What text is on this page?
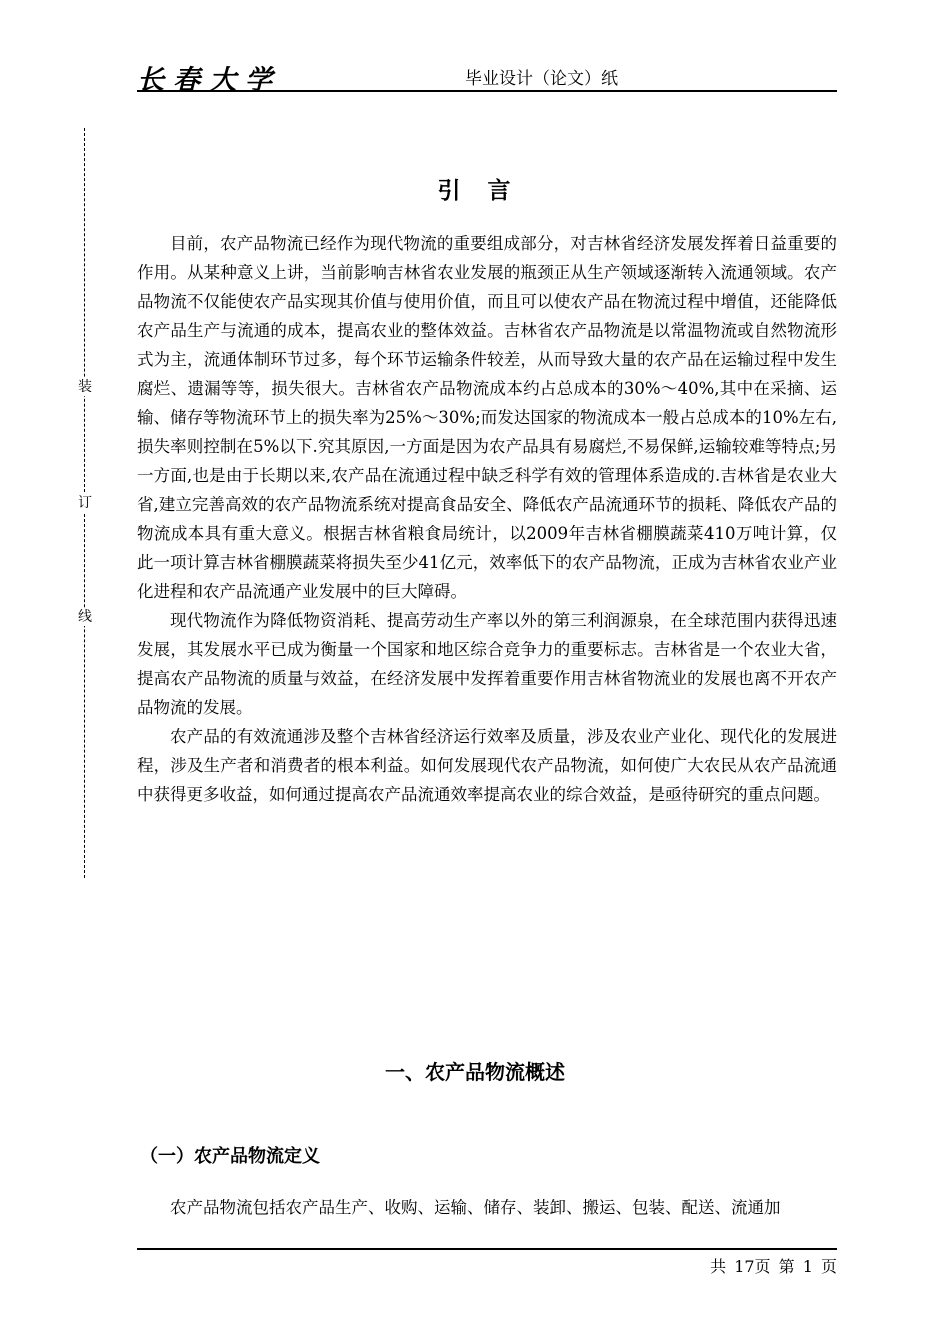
长春大学	毕业设计（论文）纸
装
订
线
引　言

目前，农产品物流已经作为现代物流的重要组成部分，对吉林省经济发展发挥着日益重要的作用。从某种意义上讲，当前影响吉林省农业发展的瓶颈正从生产领域逐渐转入流通领域。农产品物流不仅能使农产品实现其价值与使用价值，而且可以使农产品在物流过程中增值，还能降低农产品生产与流通的成本，提高农业的整体效益。吉林省农产品物流是以常温物流或自然物流形式为主，流通体制环节过多，每个环节运输条件较差，从而导致大量的农产品在运输过程中发生腐烂、遗漏等等，损失很大。吉林省农产品物流成本约占总成本的30%～40%,其中在采摘、运输、储存等物流环节上的损失率为25%～30%;而发达国家的物流成本一般占总成本的10%左右,损失率则控制在5%以下.究其原因,一方面是因为农产品具有易腐烂,不易保鲜,运输较难等特点;另一方面,也是由于长期以来,农产品在流通过程中缺乏科学有效的管理体系造成的.吉林省是农业大省,建立完善高效的农产品物流系统对提高食品安全、降低农产品流通环节的损耗、降低农产品的物流成本具有重大意义。根据吉林省粮食局统计，以2009年吉林省棚膜蔬菜410万吨计算，仅此一项计算吉林省棚膜蔬菜将损失至少41亿元，效率低下的农产品物流，正成为吉林省农业产业化进程和农产品流通产业发展中的巨大障碍。

现代物流作为降低物资消耗、提高劳动生产率以外的第三利润源泉，在全球范围内获得迅速发展，其发展水平已成为衡量一个国家和地区综合竞争力的重要标志。吉林省是一个农业大省，提高农产品物流的质量与效益，在经济发展中发挥着重要作用吉林省物流业的发展也离不开农产品物流的发展。

农产品的有效流通涉及整个吉林省经济运行效率及质量，涉及农业产业化、现代化的发展进程，涉及生产者和消费者的根本利益。如何发展现代农产品物流，如何使广大农民从农产品流通中获得更多收益，如何通过提高农产品流通效率提高农业的综合效益，是亟待研究的重点问题。

一、农产品物流概述
（一）农产品物流定义

农产品物流包括农产品生产、收购、运输、储存、装卸、搬运、包装、配送、流通加

共 17页 第 1 页
